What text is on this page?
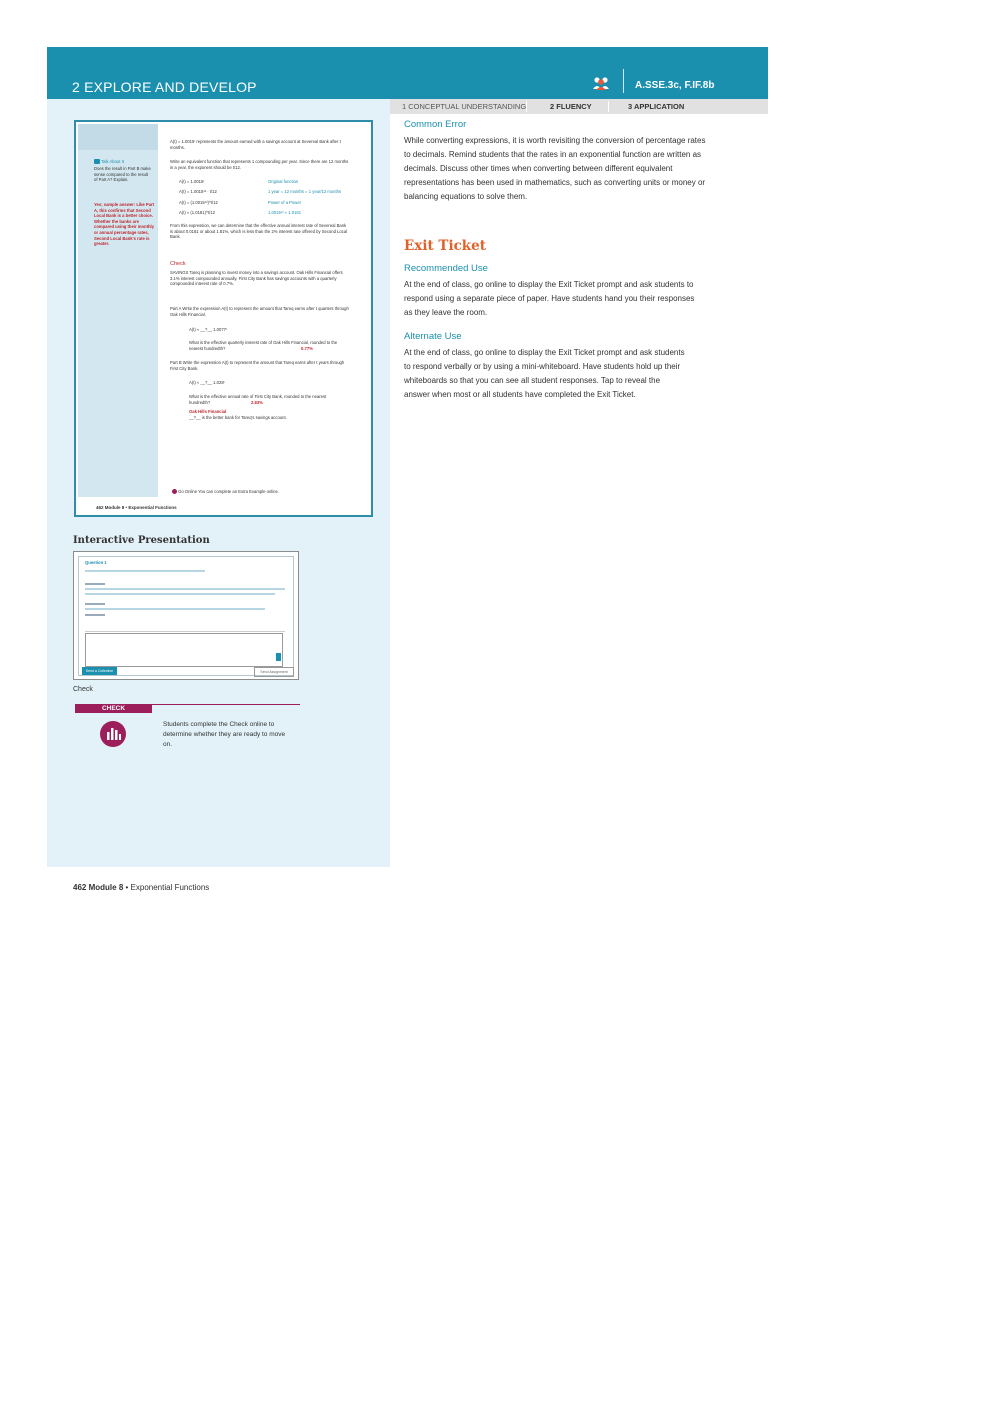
2 EXPLORE AND DEVELOP	A.SSE.3c, F.IF.8b
1 CONCEPTUAL UNDERSTANDING	2 FLUENCY	3 APPLICATION
Talk About It
Does the result in Part B make sense compared to the result of Part A? Explain.
Yes; sample answer: Like Part A, this confirms that Second Local Bank is a better choice. Whether the banks are compared using their monthly or annual percentage rates, Second Local Bank's rate is greater.
A(t) = 1.0015ᵗ represents the amount earned with a savings account at Severeal Bank after t months.
Write an equivalent function that represents 1 compounding per year. Since there are 12 months in a year, the exponent should be t/12.
A(t) = 1.0015ᵗ	Original function
A(t) = 1.0015¹² · t/12	1 year = 12 months = 1 year/12 months
A(t) = (1.0015¹²)^t/12	Power of a Power
A(t) ≈ (1.0181)^t/12	1.0015¹² ≈ 1.0181
From this expression, we can determine that the effective annual interest rate of Severeal Bank is about 0.0181 or about 1.81%, which is less than the 2% interest rate offered by Second Local Bank.
Check
SAVINGS Tareq is planning to invest money into a savings account. Oak Hills Financial offers 3.1% interest compounded annually. First City Bank has savings accounts with a quarterly compounded interest rate of 0.7%.
Part A Write the expression A(t) to represent the amount that Tareq earns after t quarters through Oak Hills Financial.
A(t) ≈ __?__ 1.0077ᵗ
What is the effective quarterly interest rate of Oak Hills Financial, rounded to the nearest hundredth?	0.77%
Part B Write the expression A(t) to represent the amount that Tareq earns after t years through First City Bank.
A(t) ≈ __?__ 1.028ᵗ
What is the effective annual rate of First City Bank, rounded to the nearest hundredth?	2.83%
Oak Hills Financial
__?__ is the better bank for Tareq's savings account.
Go Online You can complete an Extra Example online.
462 Module 8 • Exponential Functions
Interactive Presentation
Question 1
Send a Collection	Send Assignment
Check
CHECK
Students complete the Check online to determine whether they are ready to move on.
462 Module 8 • Exponential Functions
Common Error
While converting expressions, it is worth revisiting the conversion of percentage rates to decimals. Remind students that the rates in an exponential function are written as decimals. Discuss other times when converting between different equivalent representations has been used in mathematics, such as converting units or money or balancing equations to solve them.
Exit Ticket
Recommended Use
At the end of class, go online to display the Exit Ticket prompt and ask students to respond using a separate piece of paper. Have students hand you their responses as they leave the room.
Alternate Use
At the end of class, go online to display the Exit Ticket prompt and ask students to respond verbally or by using a mini-whiteboard. Have students hold up their whiteboards so that you can see all student responses. Tap to reveal the answer when most or all students have completed the Exit Ticket.
